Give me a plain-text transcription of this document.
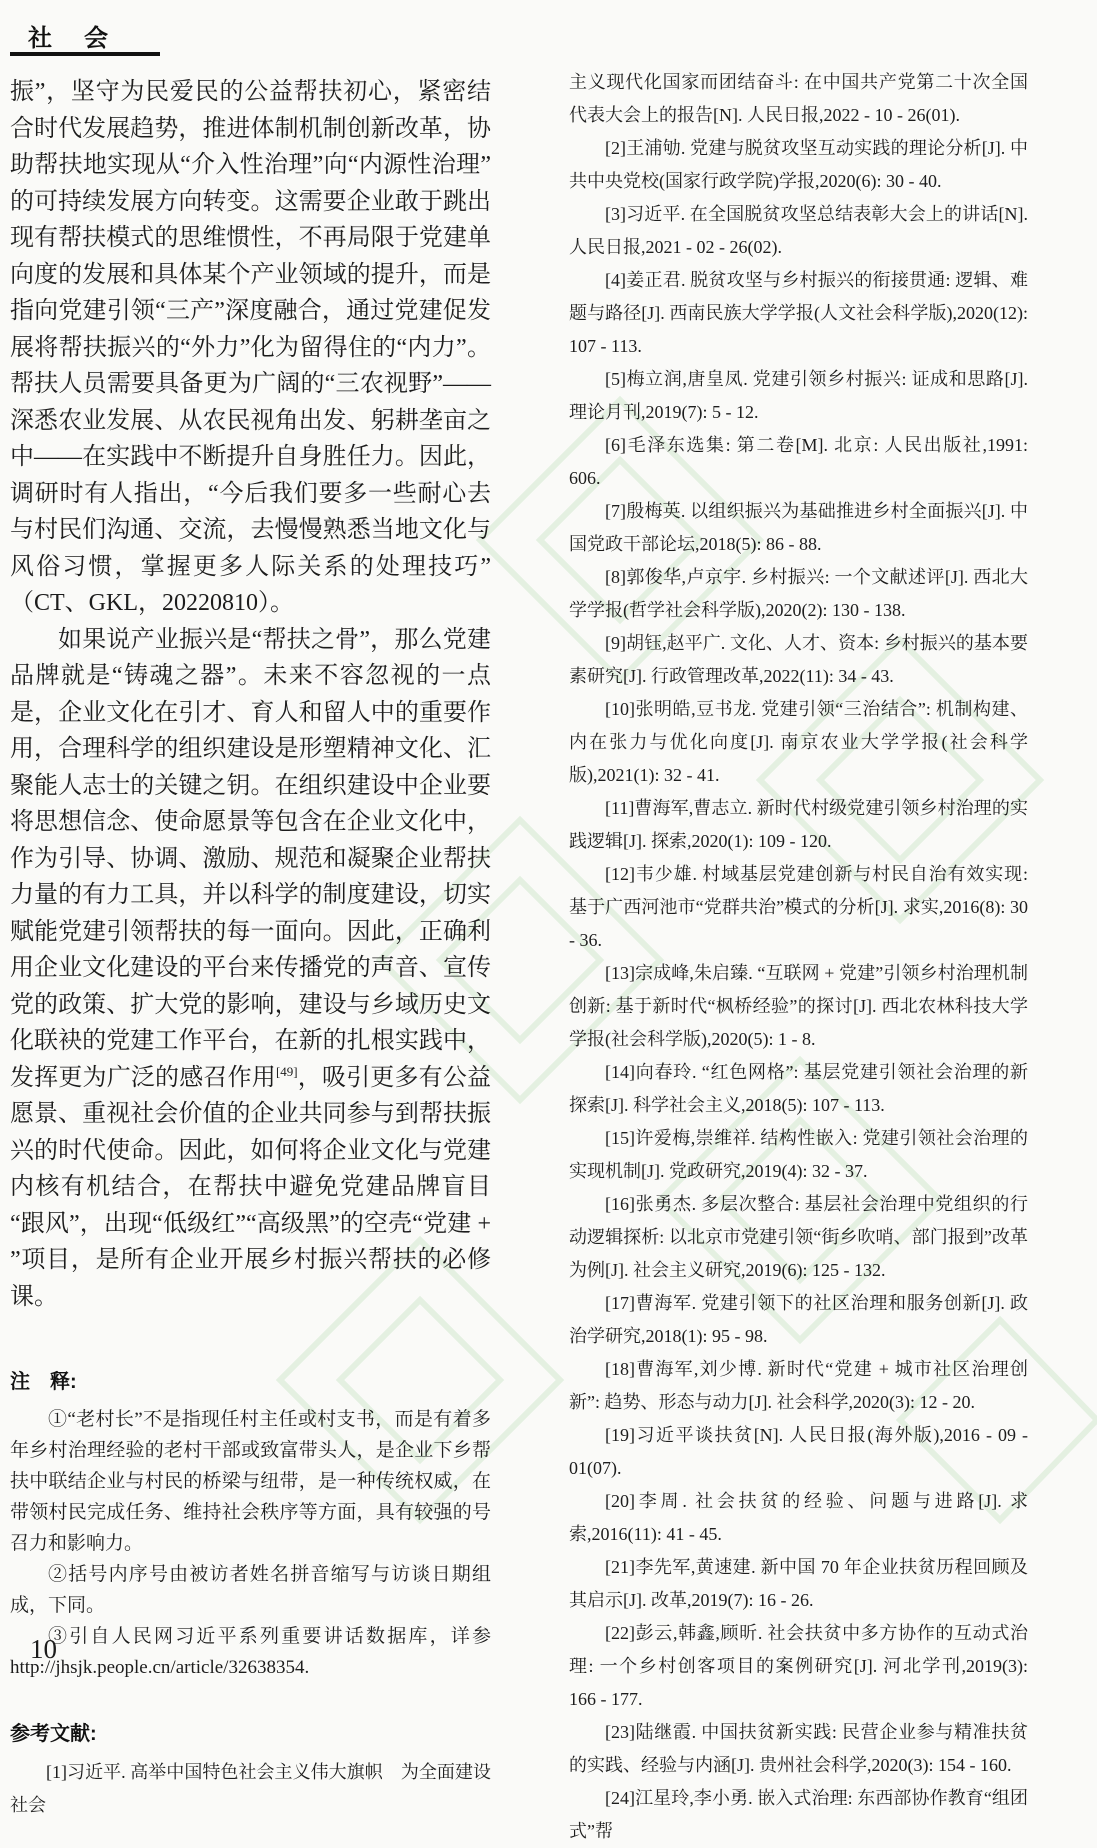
社　会

振”，坚守为民爱民的公益帮扶初心，紧密结合时代发展趋势，推进体制机制创新改革，协助帮扶地实现从“介入性治理”向“内源性治理”的可持续发展方向转变。这需要企业敢于跳出现有帮扶模式的思维惯性，不再局限于党建单向度的发展和具体某个产业领域的提升，而是指向党建引领“三产”深度融合，通过党建促发展将帮扶振兴的“外力”化为留得住的“内力”。帮扶人员需要具备更为广阔的“三农视野”——深悉农业发展、从农民视角出发、躬耕垄亩之中——在实践中不断提升自身胜任力。因此，调研时有人指出，“今后我们要多一些耐心去与村民们沟通、交流，去慢慢熟悉当地文化与风俗习惯，掌握更多人际关系的处理技巧”（CT、GKL，20220810）。

如果说产业振兴是“帮扶之骨”，那么党建品牌就是“铸魂之器”。未来不容忽视的一点是，企业文化在引才、育人和留人中的重要作用，合理科学的组织建设是形塑精神文化、汇聚能人志士的关键之钥。在组织建设中企业要将思想信念、使命愿景等包含在企业文化中，作为引导、协调、激励、规范和凝聚企业帮扶力量的有力工具，并以科学的制度建设，切实赋能党建引领帮扶的每一面向。因此，正确利用企业文化建设的平台来传播党的声音、宣传党的政策、扩大党的影响，建设与乡域历史文化联袂的党建工作平台，在新的扎根实践中，发挥更为广泛的感召作用[49]，吸引更多有公益愿景、重视社会价值的企业共同参与到帮扶振兴的时代使命。因此，如何将企业文化与党建内核有机结合，在帮扶中避免党建品牌盲目“跟风”，出现“低级红”“高级黑”的空壳“党建 + ”项目，是所有企业开展乡村振兴帮扶的必修课。

注　释:

①“老村长”不是指现任村主任或村支书，而是有着多年乡村治理经验的老村干部或致富带头人，是企业下乡帮扶中联结企业与村民的桥梁与纽带，是一种传统权威，在带领村民完成任务、维持社会秩序等方面，具有较强的号召力和影响力。

②括号内序号由被访者姓名拼音缩写与访谈日期组成，下同。

③引自人民网习近平系列重要讲话数据库，详参 http://jhsjk.people.cn/article/32638354.

参考文献:

[1]习近平. 高举中国特色社会主义伟大旗帜　为全面建设社会

主义现代化国家而团结奋斗: 在中国共产党第二十次全国代表大会上的报告[N]. 人民日报,2022 - 10 - 26(01).

[2]王浦劬. 党建与脱贫攻坚互动实践的理论分析[J]. 中共中央党校(国家行政学院)学报,2020(6): 30 - 40.

[3]习近平. 在全国脱贫攻坚总结表彰大会上的讲话[N]. 人民日报,2021 - 02 - 26(02).

[4]姜正君. 脱贫攻坚与乡村振兴的衔接贯通: 逻辑、难题与路径[J]. 西南民族大学学报(人文社会科学版),2020(12): 107 - 113.

[5]梅立润,唐皇凤. 党建引领乡村振兴: 证成和思路[J]. 理论月刊,2019(7): 5 - 12.

[6]毛泽东选集: 第二卷[M]. 北京: 人民出版社,1991: 606.

[7]殷梅英. 以组织振兴为基础推进乡村全面振兴[J]. 中国党政干部论坛,2018(5): 86 - 88.

[8]郭俊华,卢京宇. 乡村振兴: 一个文献述评[J]. 西北大学学报(哲学社会科学版),2020(2): 130 - 138.

[9]胡钰,赵平广. 文化、人才、资本: 乡村振兴的基本要素研究[J]. 行政管理改革,2022(11): 34 - 43.

[10]张明皓,豆书龙. 党建引领“三治结合”: 机制构建、内在张力与优化向度[J]. 南京农业大学学报(社会科学版),2021(1): 32 - 41.

[11]曹海军,曹志立. 新时代村级党建引领乡村治理的实践逻辑[J]. 探索,2020(1): 109 - 120.

[12]韦少雄. 村域基层党建创新与村民自治有效实现: 基于广西河池市“党群共治”模式的分析[J]. 求实,2016(8): 30 - 36.

[13]宗成峰,朱启臻. “互联网 + 党建”引领乡村治理机制创新: 基于新时代“枫桥经验”的探讨[J]. 西北农林科技大学学报(社会科学版),2020(5): 1 - 8.

[14]向春玲. “红色网格”: 基层党建引领社会治理的新探索[J]. 科学社会主义,2018(5): 107 - 113.

[15]许爱梅,崇维祥. 结构性嵌入: 党建引领社会治理的实现机制[J]. 党政研究,2019(4): 32 - 37.

[16]张勇杰. 多层次整合: 基层社会治理中党组织的行动逻辑探析: 以北京市党建引领“街乡吹哨、部门报到”改革为例[J]. 社会主义研究,2019(6): 125 - 132.

[17]曹海军. 党建引领下的社区治理和服务创新[J]. 政治学研究,2018(1): 95 - 98.

[18]曹海军,刘少博. 新时代“党建 + 城市社区治理创新”: 趋势、形态与动力[J]. 社会科学,2020(3): 12 - 20.

[19]习近平谈扶贫[N]. 人民日报(海外版),2016 - 09 - 01(07).

[20]李周. 社会扶贫的经验、问题与进路[J]. 求索,2016(11): 41 - 45.

[21]李先军,黄速建. 新中国 70 年企业扶贫历程回顾及其启示[J]. 改革,2019(7): 16 - 26.

[22]彭云,韩鑫,顾昕. 社会扶贫中多方协作的互动式治理: 一个乡村创客项目的案例研究[J]. 河北学刊,2019(3): 166 - 177.

[23]陆继霞. 中国扶贫新实践: 民营企业参与精准扶贫的实践、经验与内涵[J]. 贵州社会科学,2020(3): 154 - 160.

[24]江星玲,李小勇. 嵌入式治理: 东西部协作教育“组团式”帮

10
